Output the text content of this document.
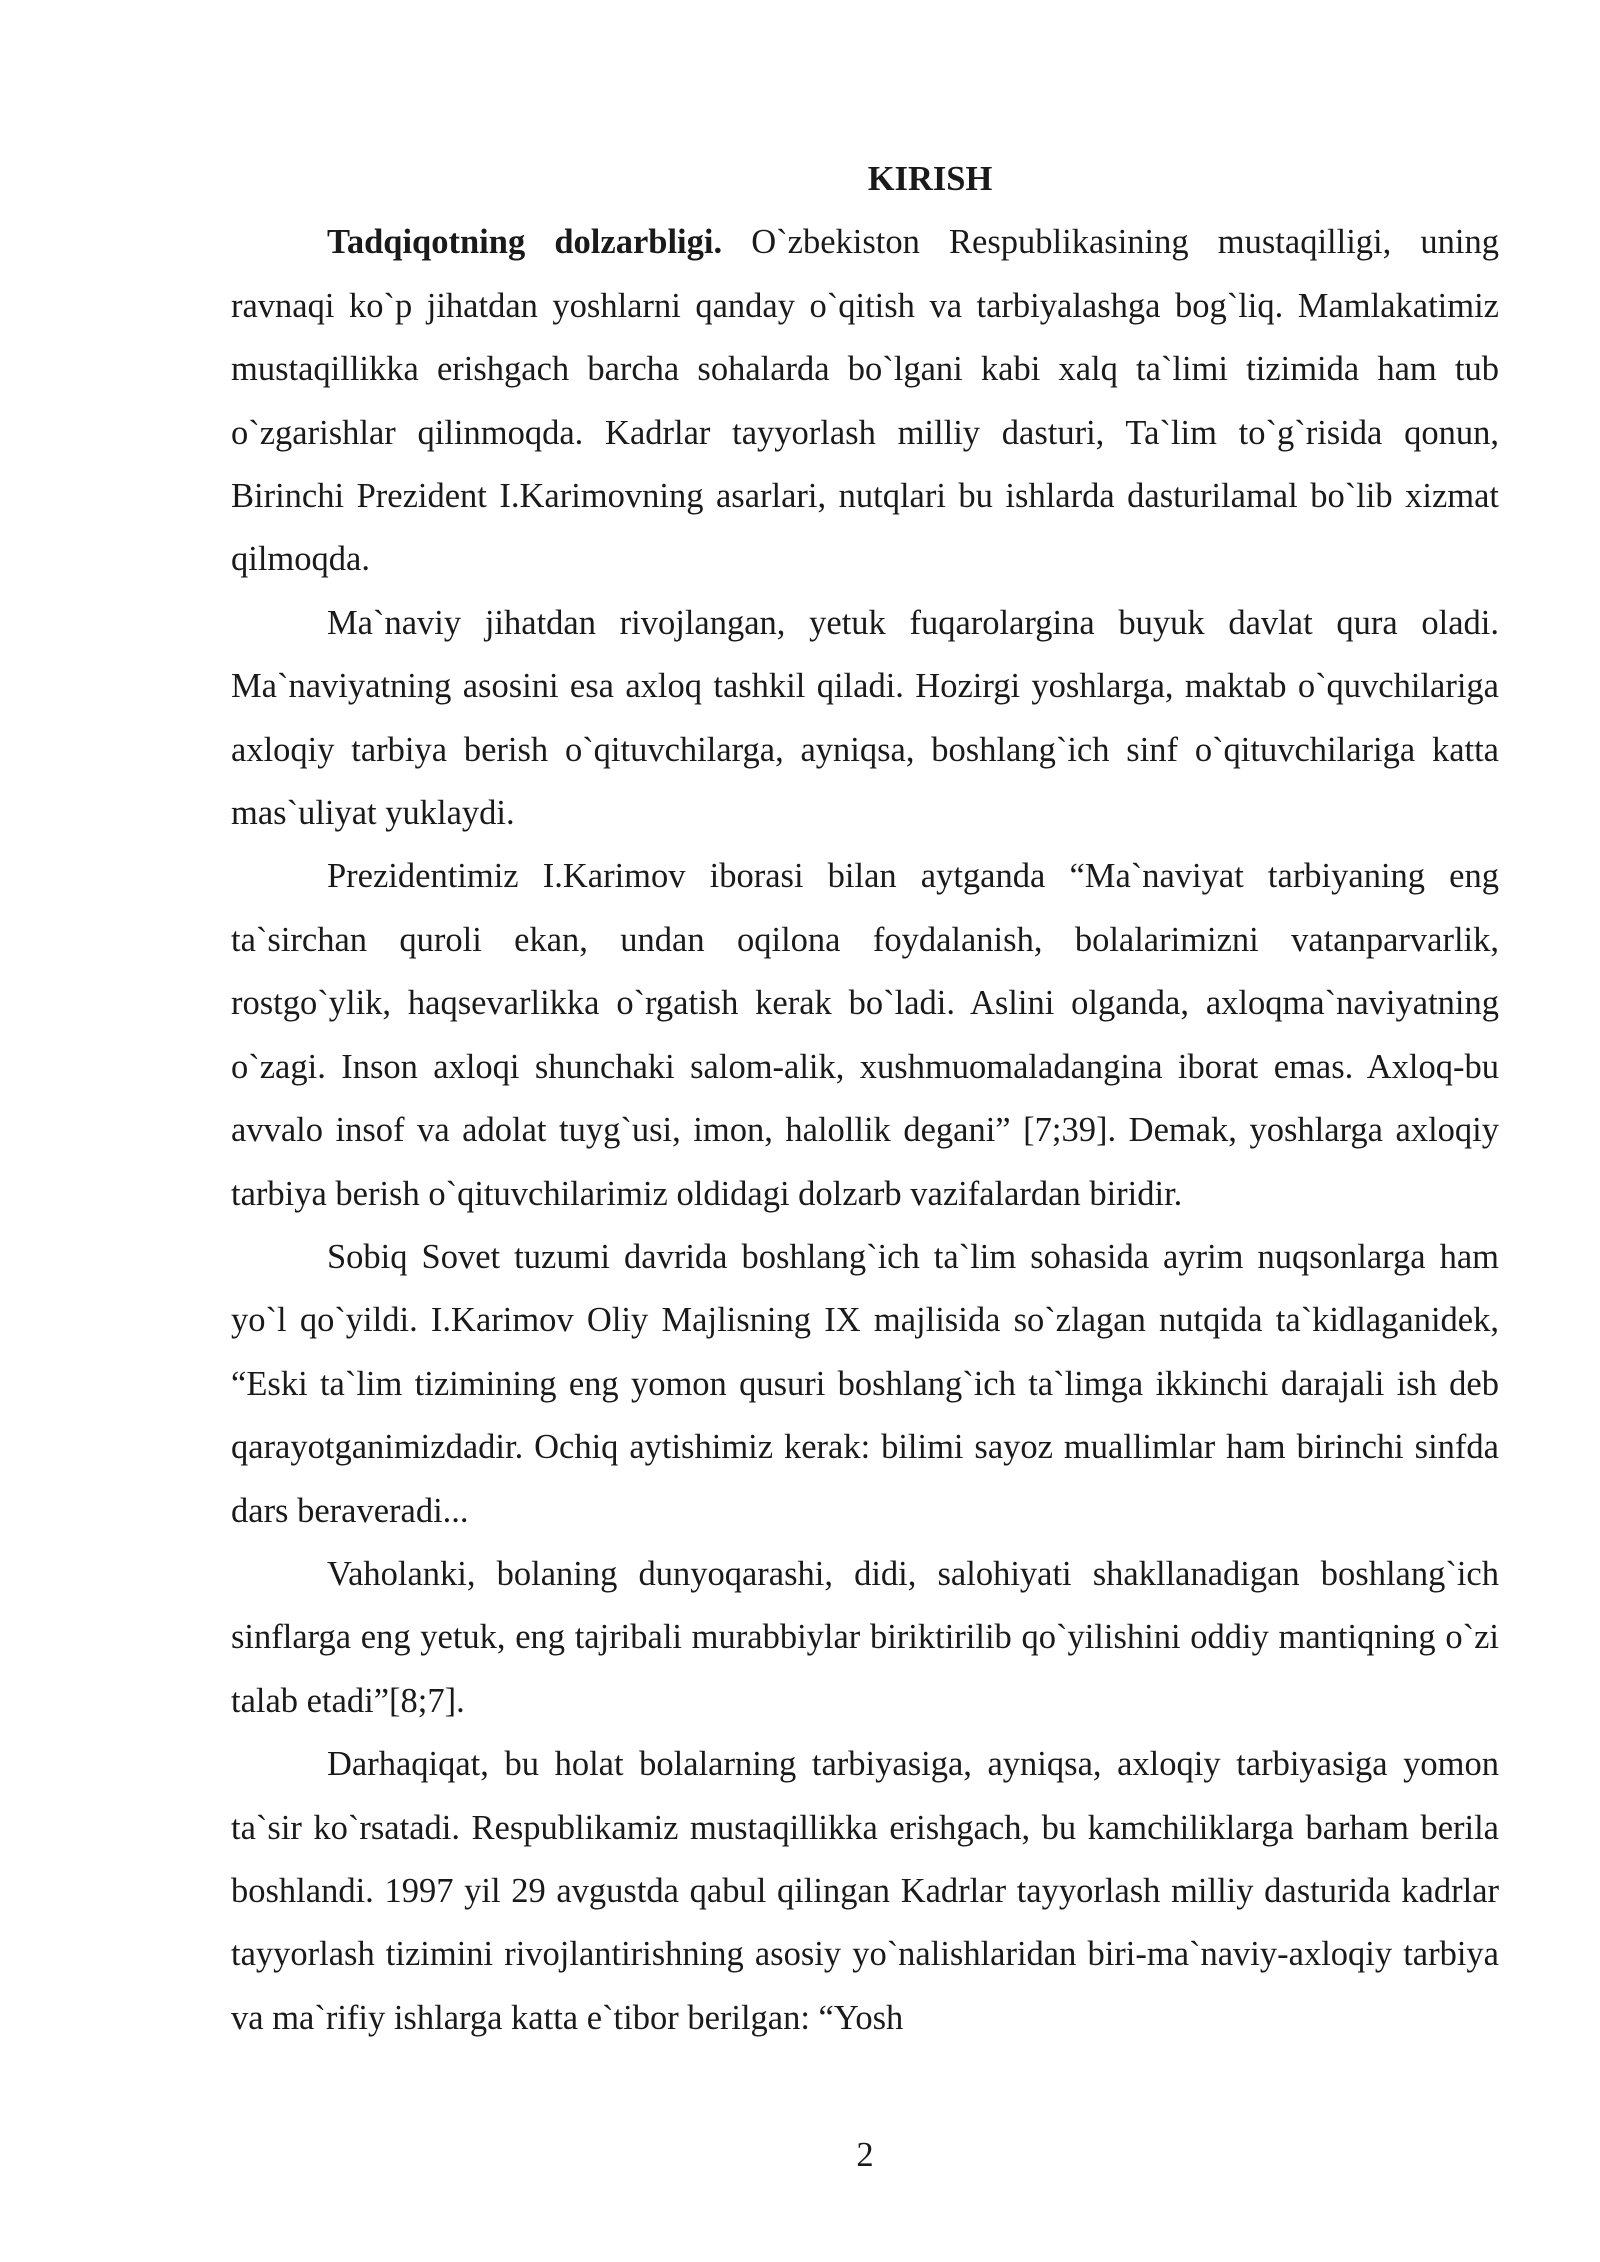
KIRISH

Tadqiqotning dolzarbligi. O`zbekiston Respublikasining mustaqilligi, uning ravnaqi ko`p jihatdan yoshlarni qanday o`qitish va tarbiyalashga bog`liq. Mamlakatimiz mustaqillikka erishgach barcha sohalarda bo`lgani kabi xalq ta`limi tizimida ham tub o`zgarishlar qilinmoqda. Kadrlar tayyorlash milliy dasturi, Ta`lim to`g`risida qonun, Birinchi Prezident I.Karimovning asarlari, nutqlari bu ishlarda dasturilamal bo`lib xizmat qilmoqda.

Ma`naviy jihatdan rivojlangan, yetuk fuqarolargina buyuk davlat qura oladi. Ma`naviyatning asosini esa axloq tashkil qiladi. Hozirgi yoshlarga, maktab o`quvchilariga axloqiy tarbiya berish o`qituvchilarga, ayniqsa, boshlang`ich sinf o`qituvchilariga katta mas`uliyat yuklaydi.

Prezidentimiz I.Karimov iborasi bilan aytganda “Ma`naviyat tarbiyaning eng ta`sirchan quroli ekan, undan oqilona foydalanish, bolalarimizni vatanparvarlik, rostgo`ylik, haqsevarlikka o`rgatish kerak bo`ladi. Aslini olganda, axloqma`naviyatning o`zagi. Inson axloqi shunchaki salom-alik, xushmuomaladangina iborat emas. Axloq-bu avvalo insof va adolat tuyg`usi, imon, halollik degani” [7;39]. Demak, yoshlarga axloqiy tarbiya berish o`qituvchilarimiz oldidagi dolzarb vazifalardan biridir.

Sobiq Sovet tuzumi davrida boshlang`ich ta`lim sohasida ayrim nuqsonlarga ham yo`l qo`yildi. I.Karimov Oliy Majlisning IX majlisida so`zlagan nutqida ta`kidlaganidek, “Eski ta`lim tizimining eng yomon qusuri boshlang`ich ta`limga ikkinchi darajali ish deb qarayotganimizdadir. Ochiq aytishimiz kerak: bilimi sayoz muallimlar ham birinchi sinfda dars beraveradi...

Vaholanki, bolaning dunyoqarashi, didi, salohiyati shakllanadigan boshlang`ich sinflarga eng yetuk, eng tajribali murabbiylar biriktirilib qo`yilishini oddiy mantiqning o`zi talab etadi”[8;7].

Darhaqiqat, bu holat bolalarning tarbiyasiga, ayniqsa, axloqiy tarbiyasiga yomon ta`sir ko`rsatadi. Respublikamiz mustaqillikka erishgach, bu kamchiliklarga barham berila boshlandi. 1997 yil 29 avgustda qabul qilingan Kadrlar tayyorlash milliy dasturida kadrlar tayyorlash tizimini rivojlantirishning asosiy yo`nalishlaridan biri-ma`naviy-axloqiy tarbiya va ma`rifiy ishlarga katta e`tibor berilgan: “Yosh

2
